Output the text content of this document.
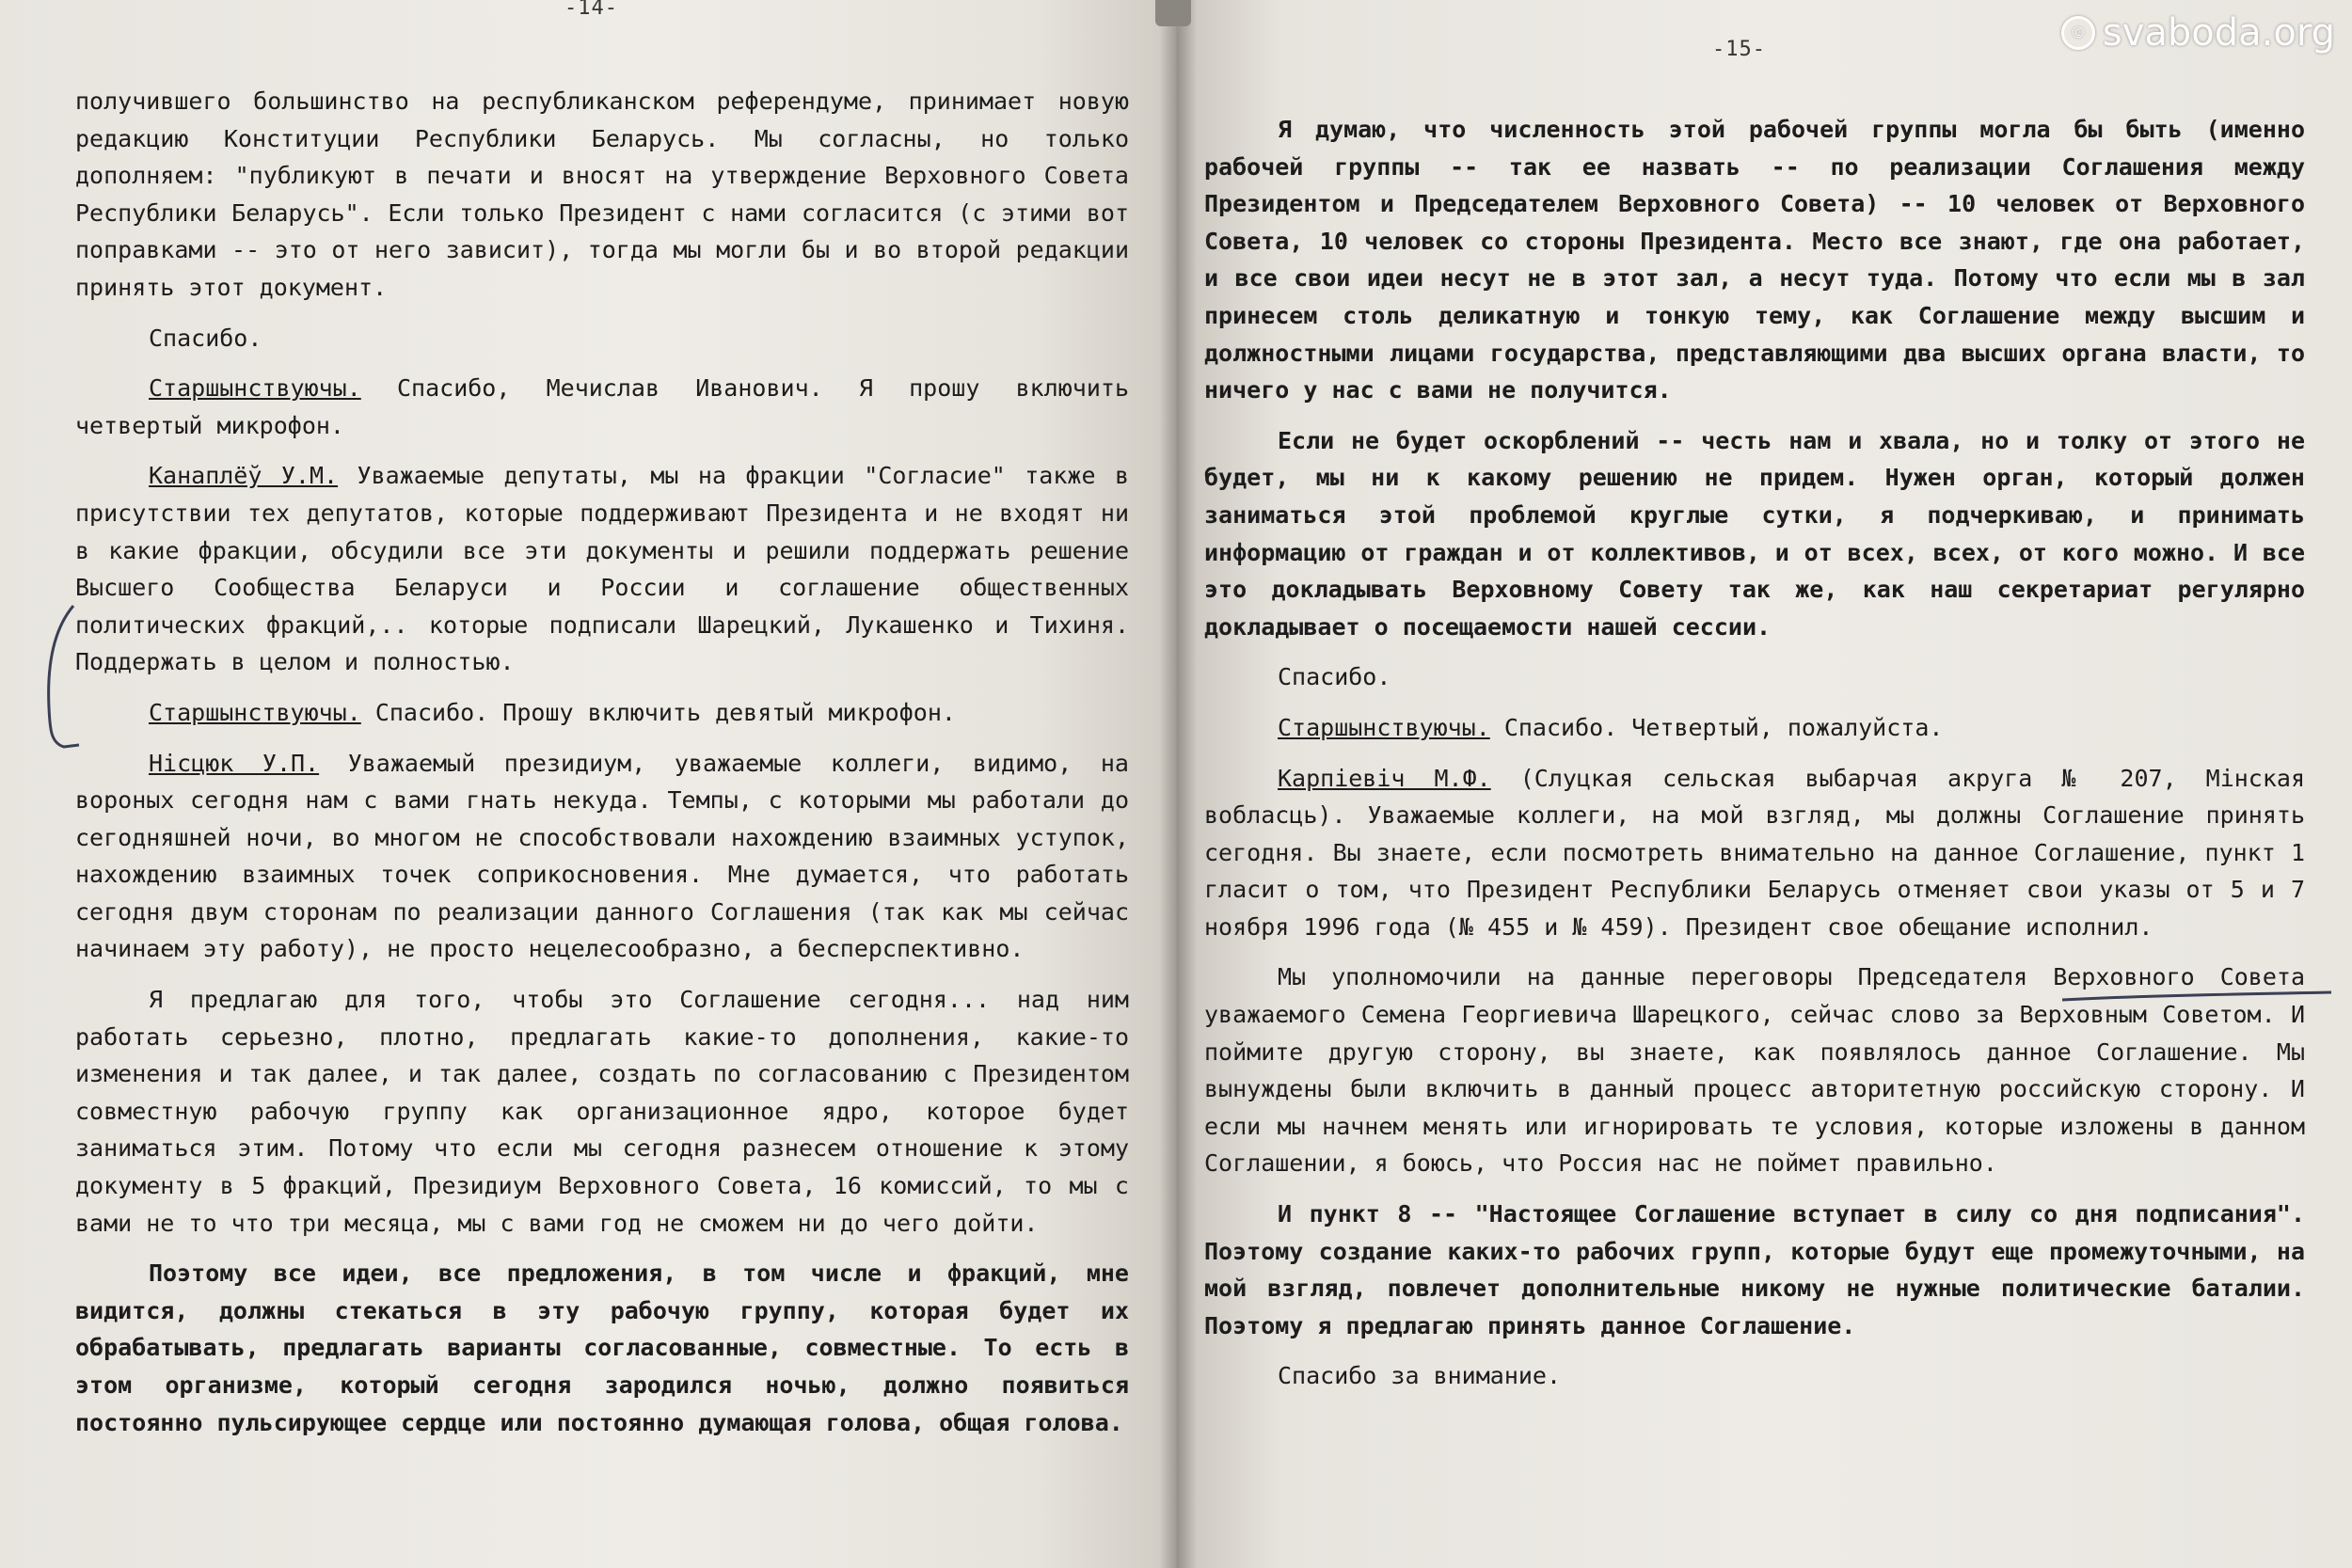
-14-

получившего большинство на республиканском референдуме, принимает новую редакцию Конституции Республики Беларусь. Мы согласны, но только дополняем: "публикуют в печати и вносят на утверждение Верховного Совета Республики Беларусь". Если только Президент с нами согласится (с этими вот поправками -- это от него зависит), тогда мы могли бы и во второй редакции принять этот документ.

Спасибо.

Старшынствуючы. Спасибо, Мечислав Иванович. Я прошу включить четвертый микрофон.

Канаплёў У.М. Уважаемые депутаты, мы на фракции "Согласие" также в присутствии тех депутатов, которые поддерживают Президента и не входят ни в какие фракции, обсудили все эти документы и решили поддержать решение Высшего Сообщества Беларуси и России и соглашение общественных политических фракций,.. которые подписали Шарецкий, Лукашенко и Тихиня. Поддержать в целом и полностью.

Старшынствуючы. Спасибо. Прошу включить девятый микрофон.

Нісцюк У.П. Уважаемый президиум, уважаемые коллеги, видимо, на вороных сегодня нам с вами гнать некуда. Темпы, с которыми мы работали до сегодняшней ночи, во многом не способствовали нахождению взаимных уступок, нахождению взаимных точек соприкосновения. Мне думается, что работать сегодня двум сторонам по реализации данного Соглашения (так как мы сейчас начинаем эту работу), не просто нецелесообразно, а бесперспективно.

Я предлагаю для того, чтобы это Соглашение сегодня... над ним работать серьезно, плотно, предлагать какие-то дополнения, какие-то изменения и так далее, и так далее, создать по согласованию с Президентом совместную рабочую группу как организационное ядро, которое будет заниматься этим. Потому что если мы сегодня разнесем отношение к этому документу в 5 фракций, Президиум Верховного Совета, 16 комиссий, то мы с вами не то что три месяца, мы с вами год не сможем ни до чего дойти.

Поэтому все идеи, все предложения, в том числе и фракций, мне видится, должны стекаться в эту рабочую группу, которая будет их обрабатывать, предлагать варианты согласованные, совместные. То есть в этом организме, который сегодня зародился ночью, должно появиться постоянно пульсирующее сердце или постоянно думающая голова, общая голова.

-15-

Я думаю, что численность этой рабочей группы могла бы быть (именно рабочей группы -- так ее назвать -- по реализации Соглашения между Президентом и Председателем Верховного Совета) -- 10 человек от Верховного Совета, 10 человек со стороны Президента. Место все знают, где она работает, и все свои идеи несут не в этот зал, а несут туда. Потому что если мы в зал принесем столь деликатную и тонкую тему, как Соглашение между высшим и должностными лицами государства, представляющими два высших органа власти, то ничего у нас с вами не получится.

Если не будет оскорблений -- честь нам и хвала, но и толку от этого не будет, мы ни к какому решению не придем. Нужен орган, который должен заниматься этой проблемой круглые сутки, я подчеркиваю, и принимать информацию от граждан и от коллективов, и от всех, всех, от кого можно. И все это докладывать Верховному Совету так же, как наш секретариат регулярно докладывает о посещаемости нашей сессии.

Спасибо.

Старшынствуючы. Спасибо. Четвертый, пожалуйста.

Карпіевіч М.Ф. (Слуцкая сельская выбарчая акруга № 207, Мінская вобласць). Уважаемые коллеги, на мой взгляд, мы должны Соглашение принять сегодня. Вы знаете, если посмотреть внимательно на данное Соглашение, пункт 1 гласит о том, что Президент Республики Беларусь отменяет свои указы от 5 и 7 ноября 1996 года (№ 455 и № 459). Президент свое обещание исполнил.

Мы уполномочили на данные переговоры Председателя Верховного Совета уважаемого Семена Георгиевича Шарецкого, сейчас слово за Верховным Советом. И поймите другую сторону, вы знаете, как появлялось данное Соглашение. Мы вынуждены были включить в данный процесс авторитетную российскую сторону. И если мы начнем менять или игнорировать те условия, которые изложены в данном Соглашении, я боюсь, что Россия нас не поймет правильно.

И пункт 8 -- "Настоящее Соглашение вступает в силу со дня подписания". Поэтому создание каких-то рабочих групп, которые будут еще промежуточными, на мой взгляд, повлечет дополнительные никому не нужные политические баталии. Поэтому я предлагаю принять данное Соглашение.

Спасибо за внимание.

© svaboda.org
